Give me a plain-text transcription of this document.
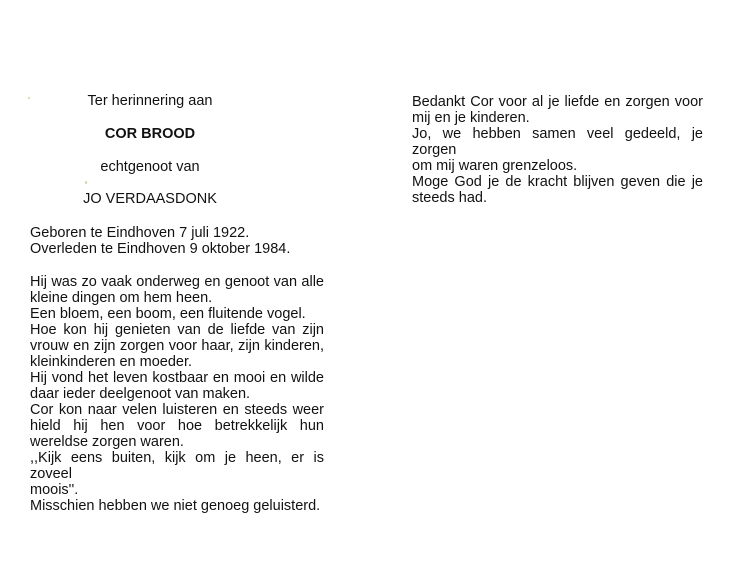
Ter herinnering aan
COR BROOD
echtgenoot van
JO VERDAASDONK
Geboren te Eindhoven 7 juli 1922.
Overleden te Eindhoven 9 oktober 1984.
Hij was zo vaak onderweg en genoot van alle
kleine dingen om hem heen.
Een bloem, een boom, een fluitende vogel.
Hoe kon hij genieten van de liefde van zijn
vrouw en zijn zorgen voor haar, zijn kinderen,
kleinkinderen en moeder.
Hij vond het leven kostbaar en mooi en wilde
daar ieder deelgenoot van maken.
Cor kon naar velen luisteren en steeds weer
hield hij hen voor hoe betrekkelijk hun
wereldse zorgen waren.
,,Kijk eens buiten, kijk om je heen, er is zoveel
moois''.
Misschien hebben we niet genoeg geluisterd.
Bedankt Cor voor al je liefde en zorgen voor
mij en je kinderen.
Jo, we hebben samen veel gedeeld, je zorgen
om mij waren grenzeloos.
Moge God je de kracht blijven geven die je
steeds had.
